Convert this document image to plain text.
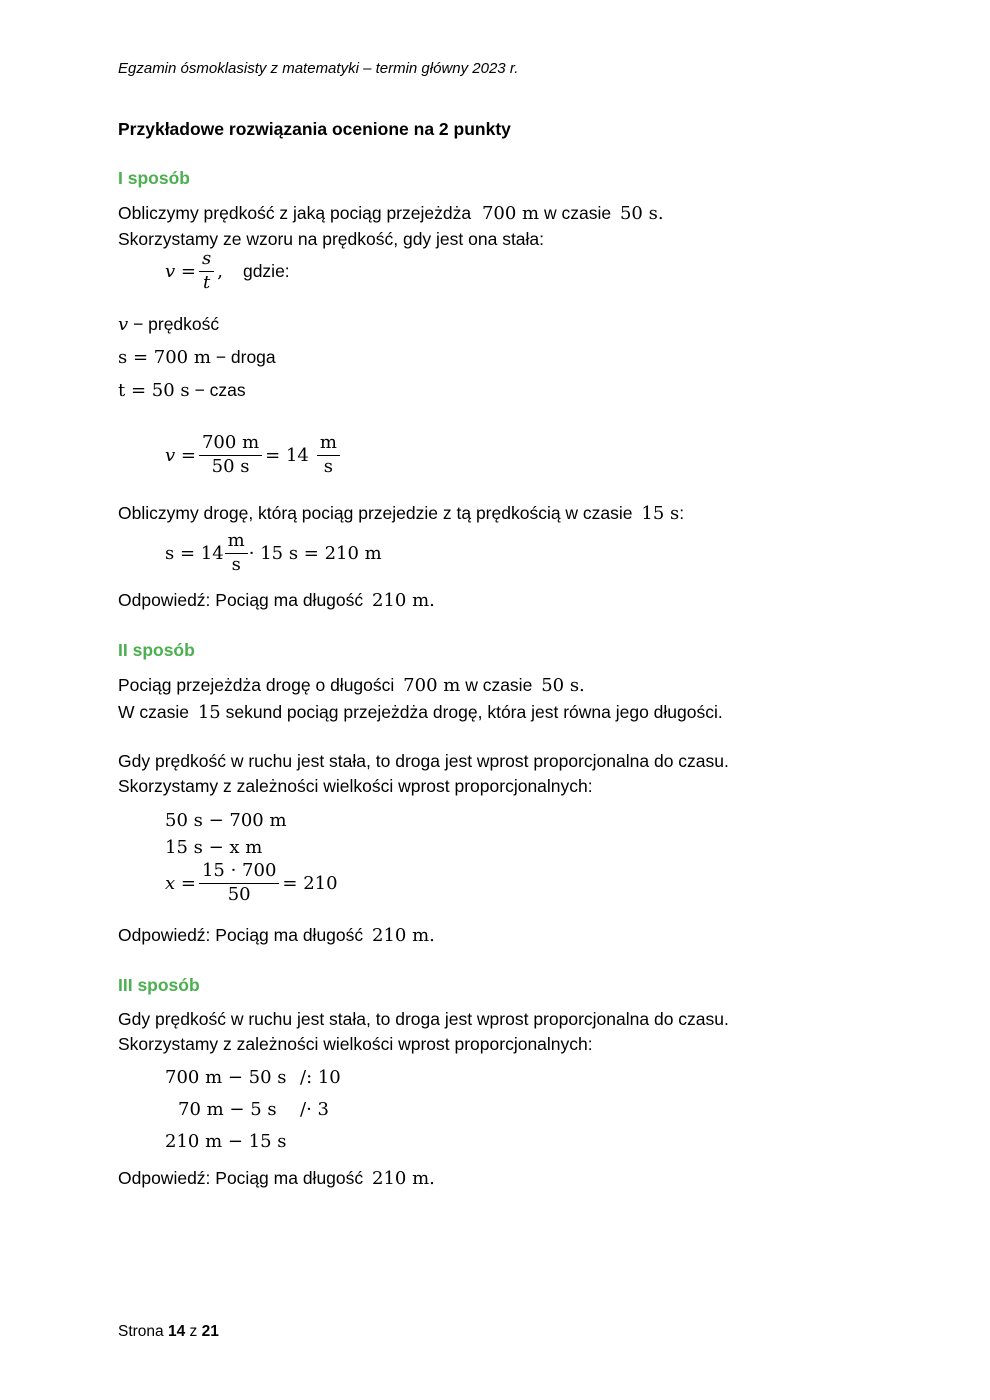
Egzamin ósmoklasisty z matematyki – termin główny 2023 r.
Przykładowe rozwiązania ocenione na 2 punkty
I sposób
Obliczymy prędkość z jaką pociąg przejeżdża 700 m w czasie 50 s.
Skorzystamy ze wzoru na prędkość, gdy jest ona stała:
$v = \frac{s}{t}$ , gdzie:
v − prędkość
s = 700 m − droga
t = 50 s − czas
$v = \frac{700 m}{50 s} = 14 \frac{m}{s}$
Obliczymy drogę, którą pociąg przejedzie z tą prędkością w czasie 15 s:
$s = 14 \frac{m}{s} \cdot 15$ s = 210 m
Odpowiedź: Pociąg ma długość 210 m.
II sposób
Pociąg przejeżdża drogę o długości 700 m w czasie 50 s.
W czasie 15 sekund pociąg przejeżdża drogę, która jest równa jego długości.
Gdy prędkość w ruchu jest stała, to droga jest wprost proporcjonalna do czasu.
Skorzystamy z zależności wielkości wprost proporcjonalnych:
50 s − 700 m
15 s − x m
$x = \frac{15 \cdot 700}{50} = 210$
Odpowiedź: Pociąg ma długość 210 m.
III sposób
Gdy prędkość w ruchu jest stała, to droga jest wprost proporcjonalna do czasu.
Skorzystamy z zależności wielkości wprost proporcjonalnych:
700 m − 50 s /: 10
70 m − 5 s /· 3
210 m − 15 s
Odpowiedź: Pociąg ma długość 210 m.
Strona 14 z 21
